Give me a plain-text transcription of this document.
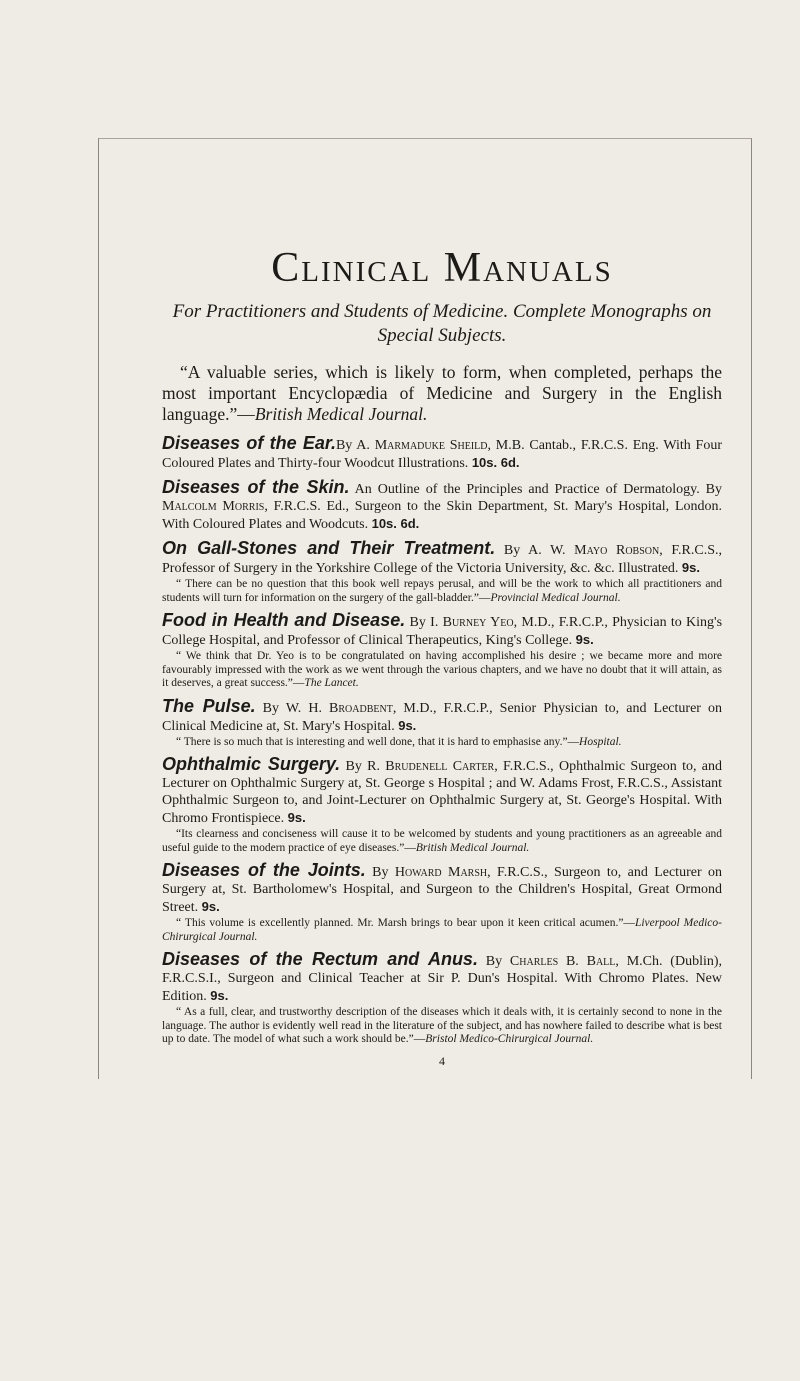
Clinical Manuals

For Practitioners and Students of Medicine. Complete Monographs on Special Subjects.

“A valuable series, which is likely to form, when completed, perhaps the most important Encyclopædia of Medicine and Surgery in the English language.”—British Medical Journal.

Diseases of the Ear.By A. Marmaduke Sheild, M.B. Cantab., F.R.C.S. Eng. With Four Coloured Plates and Thirty-four Woodcut Illustrations. 10s. 6d.
Diseases of the Skin. An Outline of the Principles and Practice of Dermatology. By Malcolm Morris, F.R.C.S. Ed., Surgeon to the Skin Department, St. Mary's Hospital, London. With Coloured Plates and Woodcuts. 10s. 6d.
On Gall-Stones and Their Treatment. By A. W. Mayo Robson, F.R.C.S., Professor of Surgery in the Yorkshire College of the Victoria University, &c. &c. Illustrated. 9s.

“ There can be no question that this book well repays perusal, and will be the work to which all practitioners and students will turn for information on the surgery of the gall-bladder.”—Provincial Medical Journal.

Food in Health and Disease. By I. Burney Yeo, M.D., F.R.C.P., Physician to King's College Hospital, and Professor of Clinical Therapeutics, King's College. 9s.

“ We think that Dr. Yeo is to be congratulated on having accomplished his desire ; we became more and more favourably impressed with the work as we went through the various chapters, and we have no doubt that it will attain, as it deserves, a great success.”—The Lancet.

The Pulse. By W. H. Broadbent, M.D., F.R.C.P., Senior Physician to, and Lecturer on Clinical Medicine at, St. Mary's Hospital. 9s.

“ There is so much that is interesting and well done, that it is hard to emphasise any.”—Hospital.

Ophthalmic Surgery. By R. Brudenell Carter, F.R.C.S., Ophthalmic Surgeon to, and Lecturer on Ophthalmic Surgery at, St. George s Hospital ; and W. Adams Frost, F.R.C.S., Assistant Ophthalmic Surgeon to, and Joint-Lecturer on Ophthalmic Surgery at, St. George's Hospital. With Chromo Frontispiece. 9s.

“Its clearness and conciseness will cause it to be welcomed by students and young practitioners as an agreeable and useful guide to the modern practice of eye diseases.”—British Medical Journal.

Diseases of the Joints. By Howard Marsh, F.R.C.S., Surgeon to, and Lecturer on Surgery at, St. Bartholomew's Hospital, and Surgeon to the Children's Hospital, Great Ormond Street. 9s.

“ This volume is excellently planned. Mr. Marsh brings to bear upon it keen critical acumen.”—Liverpool Medico-Chirurgical Journal.

Diseases of the Rectum and Anus. By Charles B. Ball, M.Ch. (Dublin), F.R.C.S.I., Surgeon and Clinical Teacher at Sir P. Dun's Hospital. With Chromo Plates. New Edition. 9s.

“ As a full, clear, and trustworthy description of the diseases which it deals with, it is certainly second to none in the language. The author is evidently well read in the literature of the subject, and has nowhere failed to describe what is best up to date. The model of what such a work should be.”—Bristol Medico-Chirurgical Journal.

4
